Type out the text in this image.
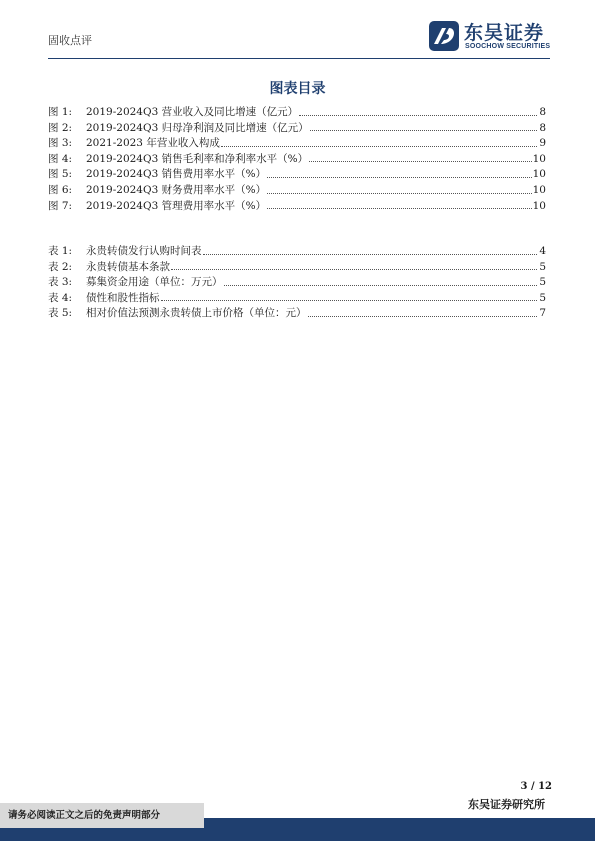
固收点评	东吴证券
SOOCHOW SECURITIES
图表目录
图 1:	2019-2024Q3 营业收入及同比增速（亿元）	8
图 2:	2019-2024Q3 归母净利润及同比增速（亿元）	8
图 3:	2021-2023 年营业收入构成	9
图 4:	2019-2024Q3 销售毛利率和净利率水平（%）	10
图 5:	2019-2024Q3 销售费用率水平（%）	10
图 6:	2019-2024Q3 财务费用率水平（%）	10
图 7:	2019-2024Q3 管理费用率水平（%）	10
表 1:	永贵转债发行认购时间表	4
表 2:	永贵转债基本条款	5
表 3:	募集资金用途（单位：万元）	5
表 4:	债性和股性指标	5
表 5:	相对价值法预测永贵转债上市价格（单位：元）	7
3 / 12
东吴证券研究所
请务必阅读正文之后的免责声明部分
